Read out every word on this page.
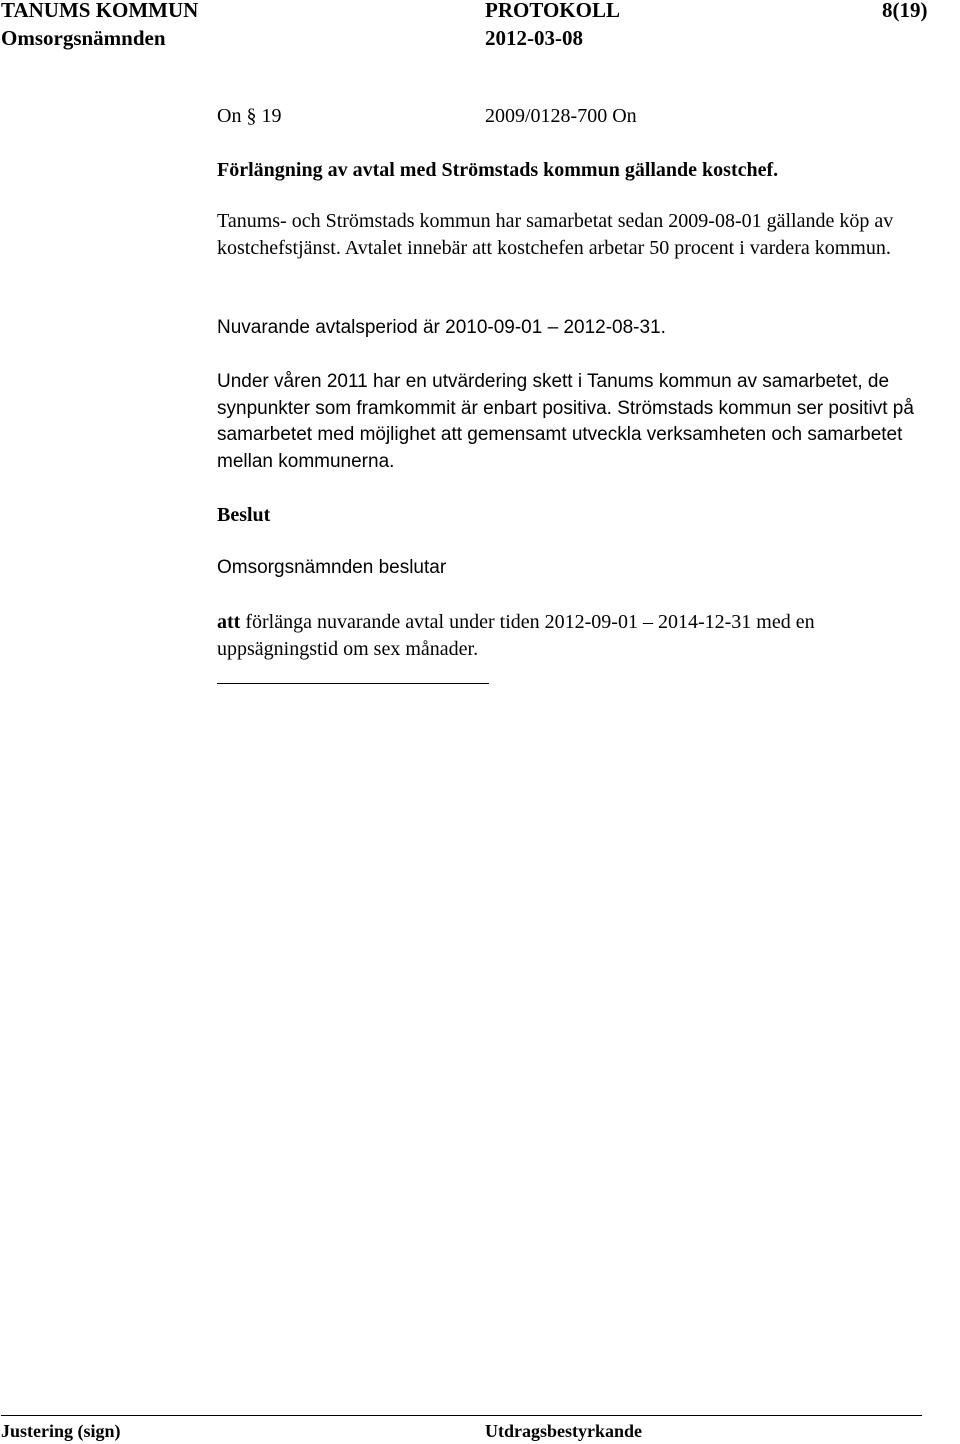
TANUMS KOMMUN	PROTOKOLL	8(19)
Omsorgsnämnden	2012-03-08
On § 19	2009/0128-700 On
Förlängning av avtal med Strömstads kommun gällande kostchef.
Tanums- och Strömstads kommun har samarbetat sedan 2009-08-01 gällande köp av kostchefstjänst. Avtalet innebär att kostchefen arbetar 50 procent i vardera kommun.
Nuvarande avtalsperiod är 2010-09-01 – 2012-08-31.
Under våren 2011 har en utvärdering skett i Tanums kommun av samarbetet, de synpunkter som framkommit är enbart positiva. Strömstads kommun ser positivt på samarbetet med möjlighet att gemensamt utveckla verksamheten och samarbetet mellan kommunerna.
Beslut
Omsorgsnämnden beslutar
att förlänga nuvarande avtal under tiden 2012-09-01 – 2014-12-31 med en uppsägningstid om sex månader.
Justering (sign)	Utdragsbestyrkande
